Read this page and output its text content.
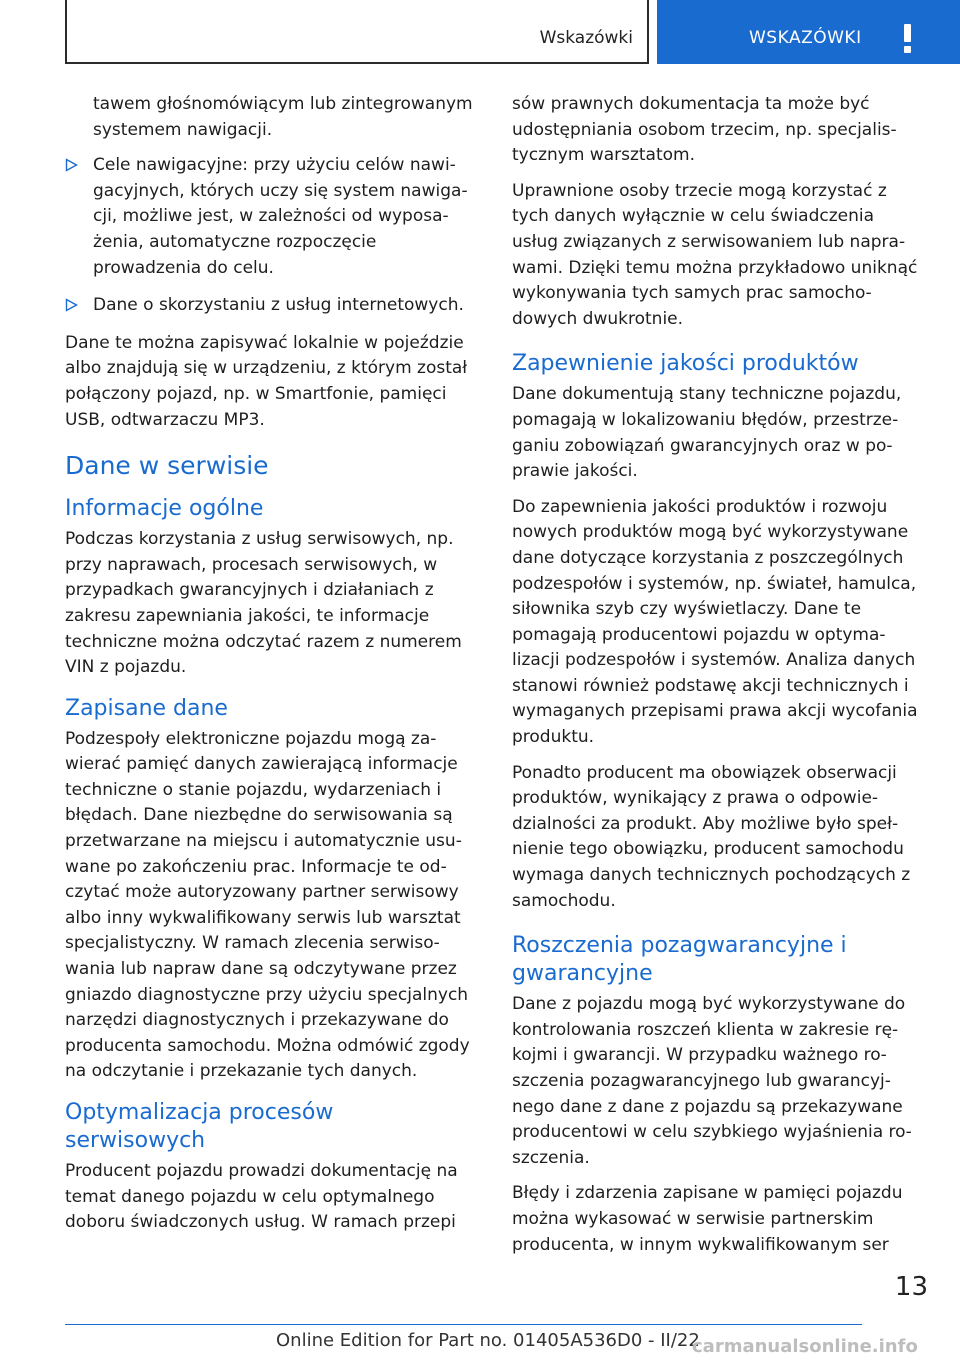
Wskazówki	WSKAZÓWKI

tawem głośnomówiącym lub zintegrowanym systemem nawigacji.

Cele nawigacyjne: przy użyciu celów nawigacyjnych, których uczy się system nawigacji, możliwe jest, w zależności od wyposażenia, automatyczne rozpoczęcie prowadzenia do celu.
Dane o skorzystaniu z usług internetowych.

Dane te można zapisywać lokalnie w pojeździe albo znajdują się w urządzeniu, z którym został połączony pojazd, np. w Smartfonie, pamięci USB, odtwarzaczu MP3.

Dane w serwisie
Informacje ogólne

Podczas korzystania z usług serwisowych, np. przy naprawach, procesach serwisowych, w przypadkach gwarancyjnych i działaniach z zakresu zapewniania jakości, te informacje techniczne można odczytać razem z numerem VIN z pojazdu.

Zapisane dane

Podzespoły elektroniczne pojazdu mogą zawierać pamięć danych zawierającą informacje techniczne o stanie pojazdu, wydarzeniach i błędach. Dane niezbędne do serwisowania są przetwarzane na miejscu i automatycznie usuwane po zakończeniu prac. Informacje te odczytać może autoryzowany partner serwisowy albo inny wykwalifikowany serwis lub warsztat specjalistyczny. W ramach zlecenia serwisowania lub napraw dane są odczytywane przez gniazdo diagnostyczne przy użyciu specjalnych narzędzi diagnostycznych i przekazywane do producenta samochodu. Można odmówić zgody na odczytanie i przekazanie tych danych.

Optymalizacja procesów serwisowych

Producent pojazdu prowadzi dokumentację na temat danego pojazdu w celu optymalnego doboru świadczonych usług. W ramach przepi

sów prawnych dokumentacja ta może być udostępniania osobom trzecim, np. specjalistycznym warsztatom.

Uprawnione osoby trzecie mogą korzystać z tych danych wyłącznie w celu świadczenia usług związanych z serwisowaniem lub naprawami. Dzięki temu można przykładowo uniknąć wykonywania tych samych prac samochodowych dwukrotnie.

Zapewnienie jakości produktów

Dane dokumentują stany techniczne pojazdu, pomagają w lokalizowaniu błędów, przestrzeganiu zobowiązań gwarancyjnych oraz w poprawie jakości.

Do zapewnienia jakości produktów i rozwoju nowych produktów mogą być wykorzystywane dane dotyczące korzystania z poszczególnych podzespołów i systemów, np. świateł, hamulca, siłownika szyb czy wyświetlaczy. Dane te pomagają producentowi pojazdu w optymalizacji podzespołów i systemów. Analiza danych stanowi również podstawę akcji technicznych i wymaganych przepisami prawa akcji wycofania produktu.

Ponadto producent ma obowiązek obserwacji produktów, wynikający z prawa o odpowiedzialności za produkt. Aby możliwe było spełnienie tego obowiązku, producent samochodu wymaga danych technicznych pochodzących z samochodu.

Roszczenia pozagwarancyjne i gwarancyjne

Dane z pojazdu mogą być wykorzystywane do kontrolowania roszczeń klienta w zakresie rękojmi i gwarancji. W przypadku ważnego roszczenia pozagwarancyjnego lub gwarancyjnego dane z dane z pojazdu są przekazywane producentowi w celu szybkiego wyjaśnienia roszczenia.

Błędy i zdarzenia zapisane w pamięci pojazdu można wykasować w serwisie partnerskim producenta, w innym wykwalifikowanym ser

13
Online Edition for Part no. 01405A536D0 - II/22
carmanualsonline.info
